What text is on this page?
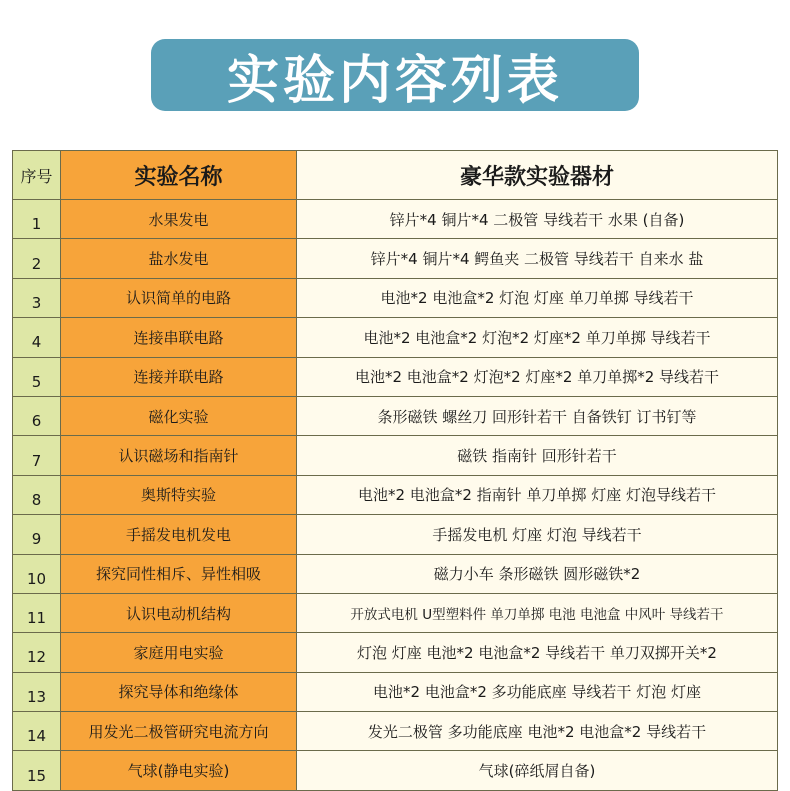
实验内容列表
序号	实验名称	豪华款实验器材
1	水果发电	锌片*4 铜片*4 二极管 导线若干 水果 (自备)
2	盐水发电	锌片*4 铜片*4 鳄鱼夹 二极管 导线若干 自来水 盐
3	认识简单的电路	电池*2 电池盒*2 灯泡 灯座 单刀单掷 导线若干
4	连接串联电路	电池*2 电池盒*2 灯泡*2 灯座*2 单刀单掷 导线若干
5	连接并联电路	电池*2 电池盒*2 灯泡*2 灯座*2 单刀单掷*2 导线若干
6	磁化实验	条形磁铁 螺丝刀 回形针若干 自备铁钉 订书钉等
7	认识磁场和指南针	磁铁 指南针 回形针若干
8	奥斯特实验	电池*2 电池盒*2 指南针 单刀单掷 灯座 灯泡导线若干
9	手摇发电机发电	手摇发电机 灯座 灯泡 导线若干
10	探究同性相斥、异性相吸	磁力小车 条形磁铁 圆形磁铁*2
11	认识电动机结构	开放式电机 U型塑料件 单刀单掷 电池 电池盒 中风叶 导线若干
12	家庭用电实验	灯泡 灯座 电池*2 电池盒*2 导线若干 单刀双掷开关*2
13	探究导体和绝缘体	电池*2 电池盒*2 多功能底座 导线若干 灯泡 灯座
14	用发光二极管研究电流方向	发光二极管 多功能底座 电池*2 电池盒*2 导线若干
15	气球(静电实验)	气球(碎纸屑自备)
